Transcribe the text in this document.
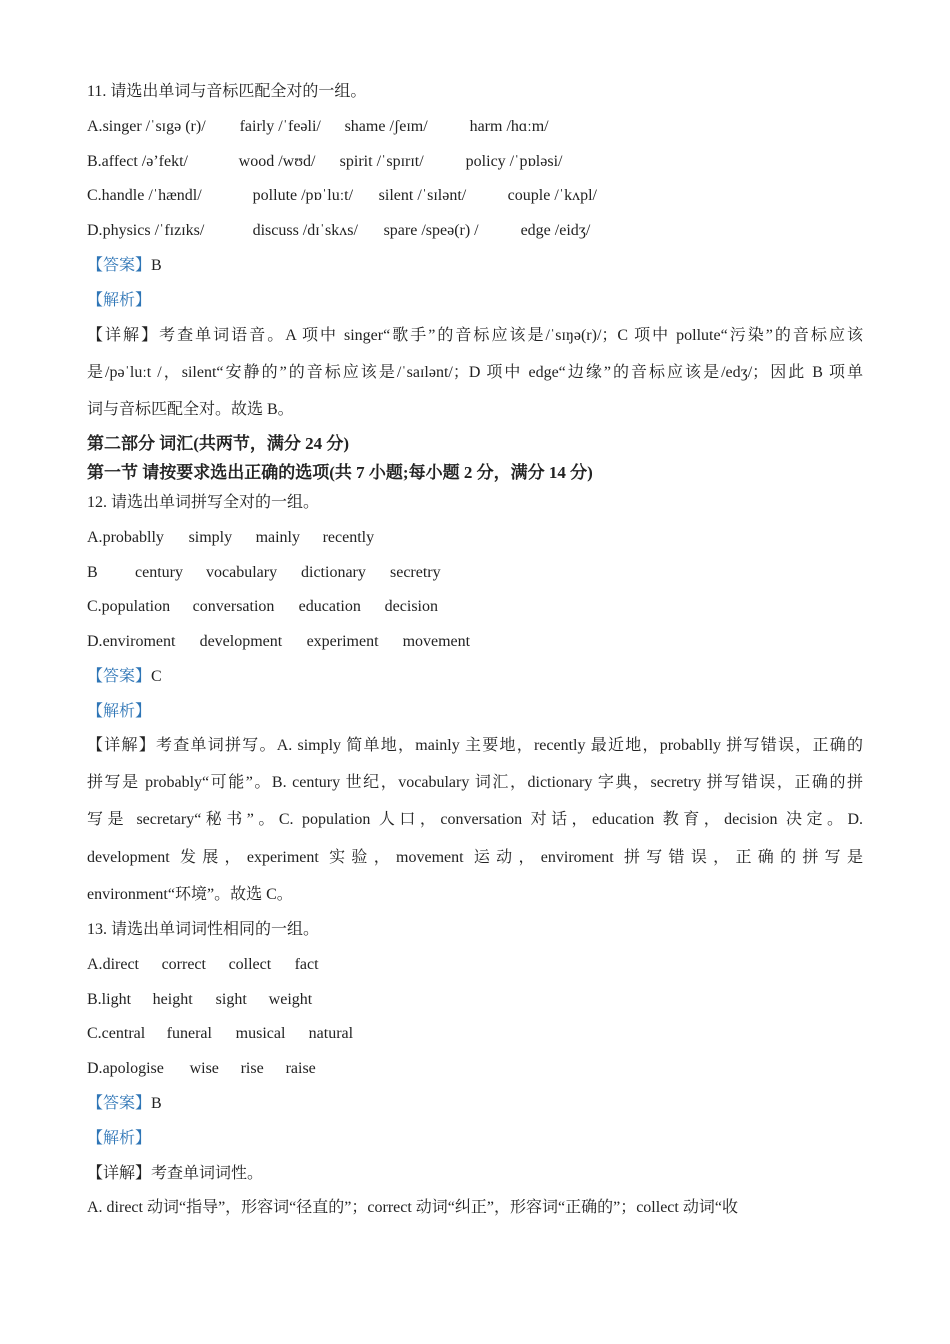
11. 请选出单词与音标匹配全对的一组。
A.singer /ˈsɪgə (r)/ fairly /ˈfeəli/ shame /ʃeɪm/	harm /hɑːm/
B.affect /ə’fekt/	wood /wʊd/ spirit /ˈspɪrɪt/	policy /ˈpɒləsi/
C.handle /ˈhændl/	pollute /pɒˈluːt/ silent /ˈsɪlənt/	couple /ˈkʌpl/
D.physics /ˈfɪzɪks/	discuss /dɪˈskʌs/ spare /speə(r) /	edge /eidʒ/
【答案】B
【解析】
【详解】考查单词语音。A 项中 singer“歌手”的音标应该是/ˈsɪŋə(r)/；C 项中 pollute“污染”的音标应该
是/pəˈluːt /，silent“安静的”的音标应该是/ˈsaɪlənt/；D 项中 edge“边缘”的音标应该是/edʒ/；因此 B 项单
词与音标匹配全对。故选 B。
第二部分 词汇(共两节，满分 24 分)
第一节 请按要求选出正确的选项(共 7 小题;每小题 2 分，满分 14 分)
12. 请选出单词拼写全对的一组。
A.probablly simply mainly recently
B century vocabulary dictionary secretry
C.population conversation education decision
D.enviroment development experiment movement
【答案】C
【解析】
【详解】考查单词拼写。A. simply 简单地，mainly 主要地，recently 最近地，probablly 拼写错误，正确的
拼写是 probably“可能”。B. century 世纪，vocabulary 词汇，dictionary 字典，secretry 拼写错误，正确的拼
写是 secretary“秘书”。C. population 人口，conversation 对话，education 教育，decision 决定。D.
development 发展，experiment 实验，movement 运动，enviroment 拼写错误，正确的拼写是
environment“环境”。故选 C。
13. 请选出单词词性相同的一组。
A.direct correct collect fact
B.light height sight weight
C.central funeral musical natural
D.apologise wise rise raise
【答案】B
【解析】
【详解】考查单词词性。
A. direct 动词“指导”，形容词“径直的”；correct 动词“纠正”，形容词“正确的”；collect 动词“收
